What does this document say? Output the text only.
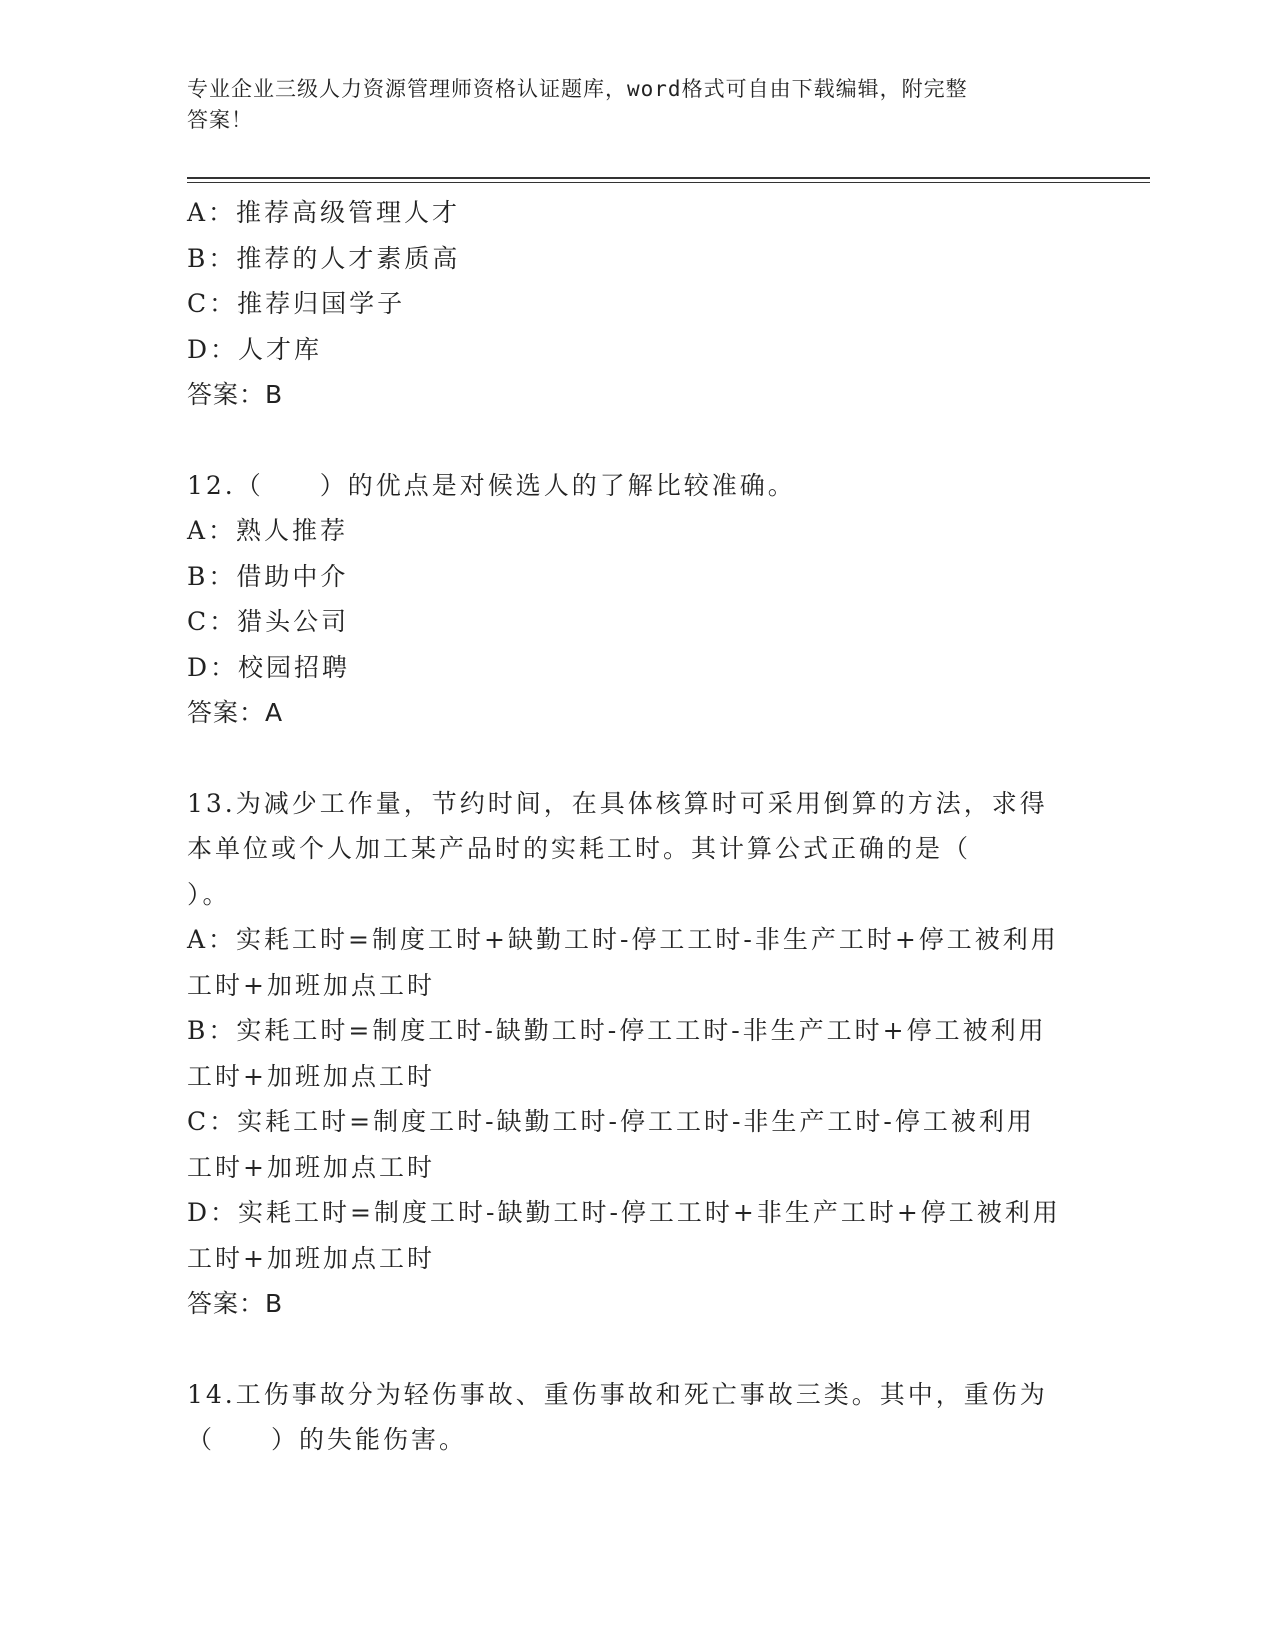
专业企业三级人力资源管理师资格认证题库，word格式可自由下载编辑，附完整
答案！
A：推荐高级管理人才
B：推荐的人才素质高
C：推荐归国学子
D：人才库
答案：B
12.（　　）的优点是对候选人的了解比较准确。
A：熟人推荐
B：借助中介
C：猎头公司
D：校园招聘
答案：A
13.为减少工作量，节约时间，在具体核算时可采用倒算的方法，求得
本单位或个人加工某产品时的实耗工时。其计算公式正确的是（
）。
A：实耗工时=制度工时+缺勤工时-停工工时-非生产工时+停工被利用
工时+加班加点工时
B：实耗工时=制度工时-缺勤工时-停工工时-非生产工时+停工被利用
工时+加班加点工时
C：实耗工时=制度工时-缺勤工时-停工工时-非生产工时-停工被利用
工时+加班加点工时
D：实耗工时=制度工时-缺勤工时-停工工时+非生产工时+停工被利用
工时+加班加点工时
答案：B
14.工伤事故分为轻伤事故、重伤事故和死亡事故三类。其中，重伤为
（　　）的失能伤害。
